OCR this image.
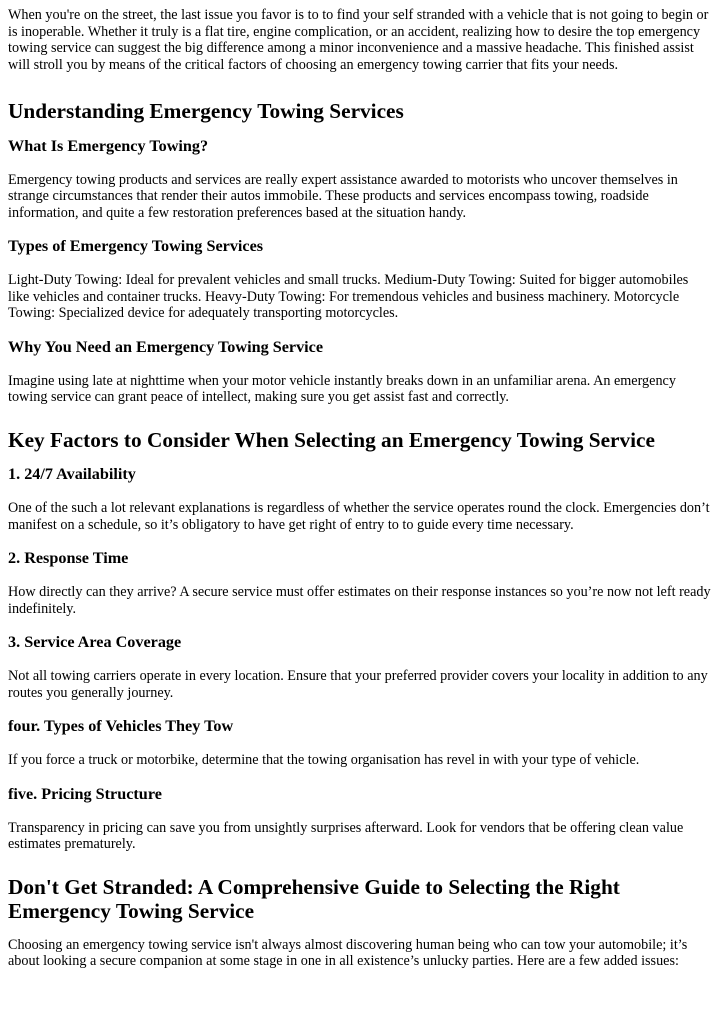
When you're on the street, the last issue you favor is to to find your self stranded with a vehicle that is not going to begin or is inoperable. Whether it truly is a flat tire, engine complication, or an accident, realizing how to desire the top emergency towing service can suggest the big difference among a minor inconvenience and a massive headache. This finished assist will stroll you by means of the critical factors of choosing an emergency towing carrier that fits your needs.

Understanding Emergency Towing Services
What Is Emergency Towing?

Emergency towing products and services are really expert assistance awarded to motorists who uncover themselves in strange circumstances that render their autos immobile. These products and services encompass towing, roadside information, and quite a few restoration preferences based at the situation handy.

Types of Emergency Towing Services

Light-Duty Towing: Ideal for prevalent vehicles and small trucks. Medium-Duty Towing: Suited for bigger automobiles like vehicles and container trucks. Heavy-Duty Towing: For tremendous vehicles and business machinery. Motorcycle Towing: Specialized device for adequately transporting motorcycles.

Why You Need an Emergency Towing Service

Imagine using late at nighttime when your motor vehicle instantly breaks down in an unfamiliar arena. An emergency towing service can grant peace of intellect, making sure you get assist fast and correctly.

Key Factors to Consider When Selecting an Emergency Towing Service
1. 24/7 Availability

One of the such a lot relevant explanations is regardless of whether the service operates round the clock. Emergencies don’t manifest on a schedule, so it’s obligatory to have get right of entry to to guide every time necessary.

2. Response Time

How directly can they arrive? A secure service must offer estimates on their response instances so you’re now not left ready indefinitely.

3. Service Area Coverage

Not all towing carriers operate in every location. Ensure that your preferred provider covers your locality in addition to any routes you generally journey.

four. Types of Vehicles They Tow

If you force a truck or motorbike, determine that the towing organisation has revel in with your type of vehicle.

five. Pricing Structure

Transparency in pricing can save you from unsightly surprises afterward. Look for vendors that be offering clean value estimates prematurely.

Don't Get Stranded: A Comprehensive Guide to Selecting the Right Emergency Towing Service

Choosing an emergency towing service isn't always almost discovering human being who can tow your automobile; it’s about looking a secure companion at some stage in one in all existence’s unlucky parties. Here are a few added issues:
